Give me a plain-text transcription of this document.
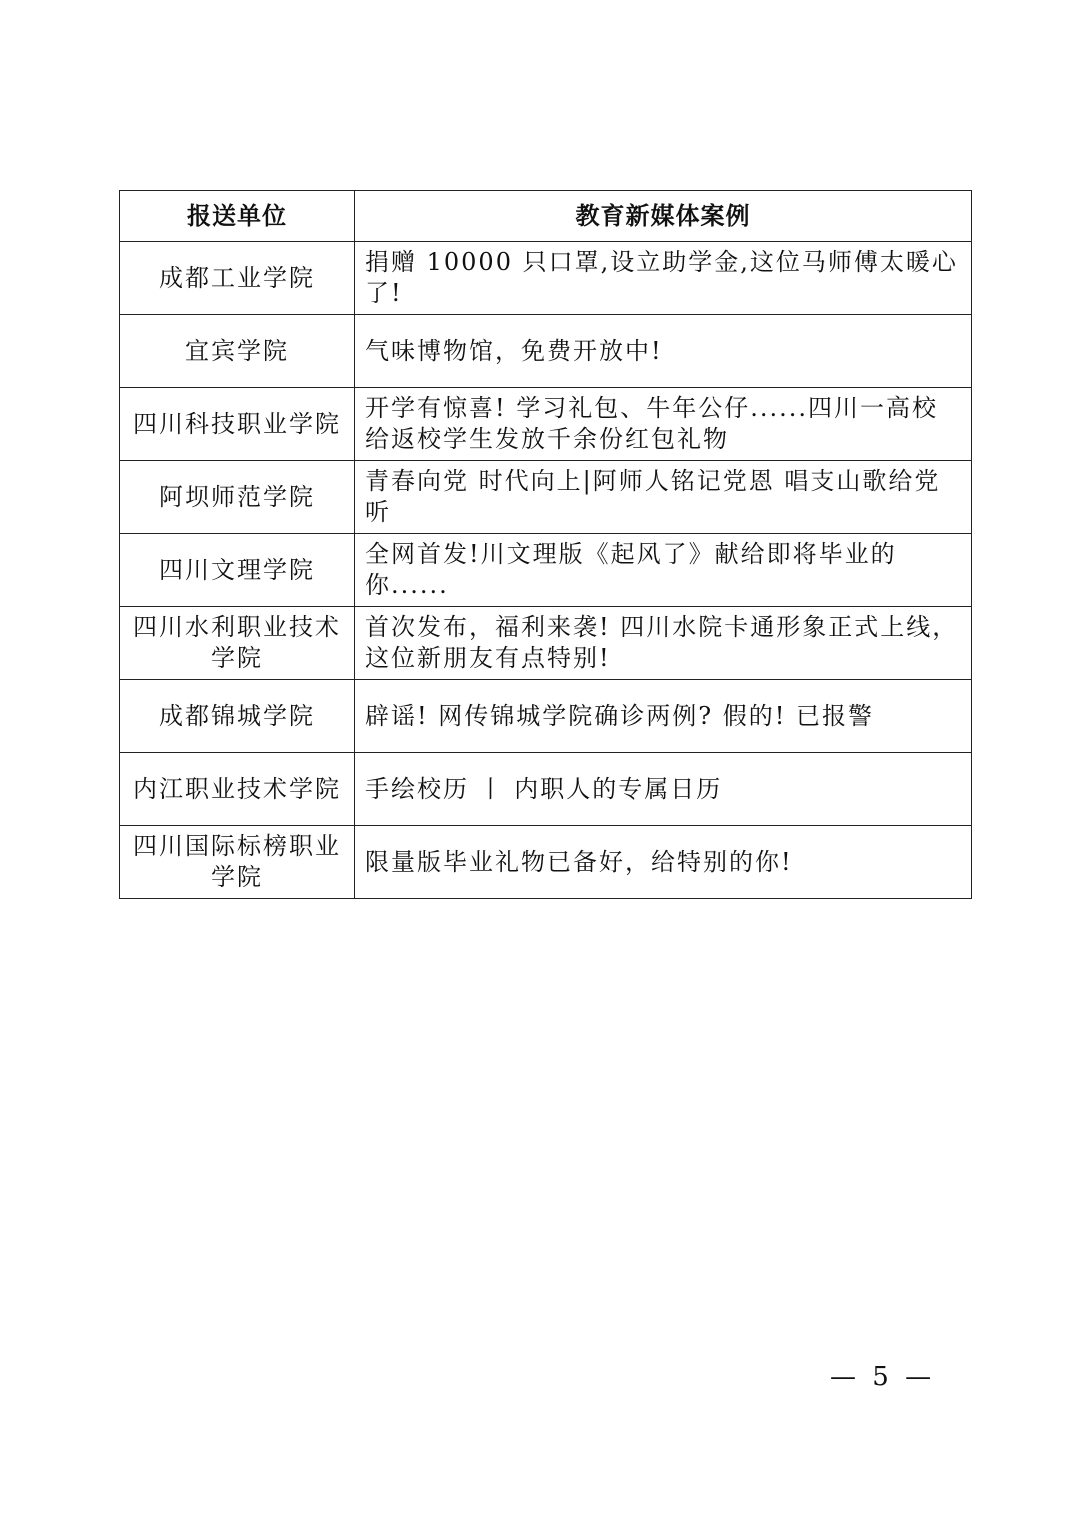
报送单位	教育新媒体案例
成都工业学院	捐赠 10000 只口罩,设立助学金,这位马师傅太暖心了!
宜宾学院	气味博物馆，免费开放中!
四川科技职业学院	开学有惊喜! 学习礼包、牛年公仔......四川一高校给返校学生发放千余份红包礼物
阿坝师范学院	青春向党 时代向上|阿师人铭记党恩 唱支山歌给党听
四川文理学院	全网首发!川文理版《起风了》献给即将毕业的你......
四川水利职业技术学院	首次发布，福利来袭! 四川水院卡通形象正式上线，这位新朋友有点特别!
成都锦城学院	辟谣! 网传锦城学院确诊两例? 假的! 已报警
内江职业技术学院	手绘校历 丨 内职人的专属日历
四川国际标榜职业学院	限量版毕业礼物已备好，给特别的你!
— 5 —
